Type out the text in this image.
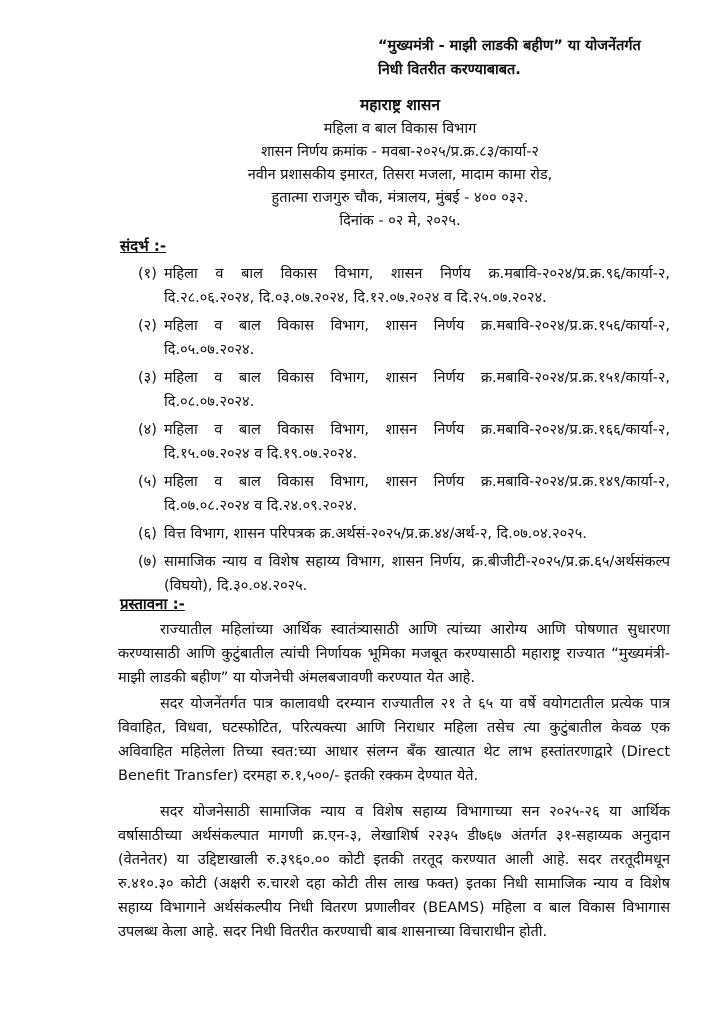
“मुख्यमंत्री - माझी लाडकी बहीण” या योजनेंतर्गत
निधी वितरीत करण्याबाबत.
महाराष्ट्र शासन
महिला व बाल विकास विभाग
शासन निर्णय क्रमांक - मवबा-२०२५/प्र.क्र.८३/कार्या-२
नवीन प्रशासकीय इमारत, तिसरा मजला, मादाम कामा रोड,
हुतात्मा राजगुरु चौक, मंत्रालय, मुंबई - ४०० ०३२.
दिनांक - ०२ मे, २०२५.
संदर्भ :-
(१) महिला व बाल विकास विभाग, शासन निर्णय क्र.मबावि-२०२४/प्र.क्र.९६/कार्या-२, दि.२८.०६.२०२४, दि.०३.०७.२०२४, दि.१२.०७.२०२४ व दि.२५.०७.२०२४.
(२) महिला व बाल विकास विभाग, शासन निर्णय क्र.मबावि-२०२४/प्र.क्र.१५६/कार्या-२, दि.०५.०७.२०२४.
(३) महिला व बाल विकास विभाग, शासन निर्णय क्र.मबावि-२०२४/प्र.क्र.१५१/कार्या-२, दि.०८.०७.२०२४.
(४) महिला व बाल विकास विभाग, शासन निर्णय क्र.मबावि-२०२४/प्र.क्र.१६६/कार्या-२, दि.१५.०७.२०२४ व दि.१९.०७.२०२४.
(५) महिला व बाल विकास विभाग, शासन निर्णय क्र.मबावि-२०२४/प्र.क्र.१४९/कार्या-२, दि.०७.०८.२०२४ व दि.२४.०९.२०२४.
(६) वित्त विभाग, शासन परिपत्रक क्र.अर्थसं-२०२५/प्र.क्र.४४/अर्थ-२, दि.०७.०४.२०२५.
(७) सामाजिक न्याय व विशेष सहाय्य विभाग, शासन निर्णय, क्र.बीजीटी-२०२५/प्र.क्र.६५/अर्थसंकल्प (विघयो), दि.३०.०४.२०२५.
प्रस्तावना :-
राज्यातील महिलांच्या आर्थिक स्वातंत्र्यासाठी आणि त्यांच्या आरोग्य आणि पोषणात सुधारणा करण्यासाठी आणि कुटुंबातील त्यांची निर्णायक भूमिका मजबूत करण्यासाठी महाराष्ट्र राज्यात “मुख्यमंत्री-माझी लाडकी बहीण” या योजनेची अंमलबजावणी करण्यात येत आहे.
सदर योजनेंतर्गत पात्र कालावधी दरम्यान राज्यातील २१ ते ६५ या वर्षे वयोगटातील प्रत्येक पात्र विवाहित, विधवा, घटस्फोटित, परित्यक्त्या आणि निराधार महिला तसेच त्या कुटुंबातील केवळ एक अविवाहित महिलेला तिच्या स्वत:च्या आधार संलग्न बँक खात्यात थेट लाभ हस्तांतरणाद्वारे (Direct Benefit Transfer) दरमहा रु.१,५००/- इतकी रक्कम देण्यात येते.
सदर योजनेसाठी सामाजिक न्याय व विशेष सहाय्य विभागाच्या सन २०२५-२६ या आर्थिक वर्षासाठीच्या अर्थसंकल्पात मागणी क्र.एन-३, लेखाशिर्ष २२३५ डी७६७ अंतर्गत ३१-सहाय्यक अनुदान (वेतनेतर) या उद्दिष्टाखाली रु.३९६०.०० कोटी इतकी तरतूद करण्यात आली आहे. सदर तरतूदीमधून रु.४१०.३० कोटी (अक्षरी रु.चारशे दहा कोटी तीस लाख फक्त) इतका निधी सामाजिक न्याय व विशेष सहाय्य विभागाने अर्थसंकल्पीय निधी वितरण प्रणालीवर (BEAMS) महिला व बाल विकास विभागास उपलब्ध केला आहे. सदर निधी वितरीत करण्याची बाब शासनाच्या विचाराधीन होती.
